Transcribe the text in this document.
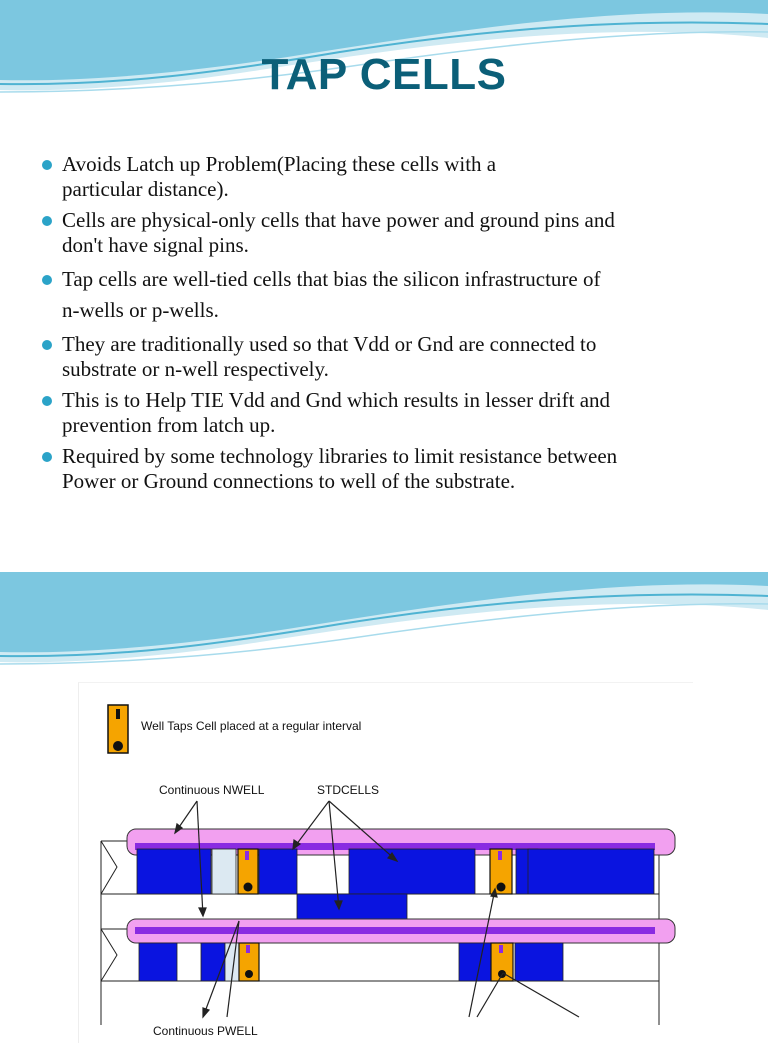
TAP CELLS
Avoids Latch up Problem(Placing these cells with a
particular distance).
Cells are physical-only cells that have power and ground pins and
don't have signal pins.
Tap cells are well-tied cells that bias the silicon infrastructure of
n-wells or p-wells.
They are traditionally used so that Vdd or Gnd are connected to
substrate or n-well respectively.
This is to Help TIE Vdd and Gnd which results in lesser drift and
prevention from latch up.
Required by some technology libraries to limit resistance between
Power or Ground connections to well of the substrate.
Well Taps Cell placed at a regular interval
Continuous NWELL	STDCELLS
Continuous PWELL
